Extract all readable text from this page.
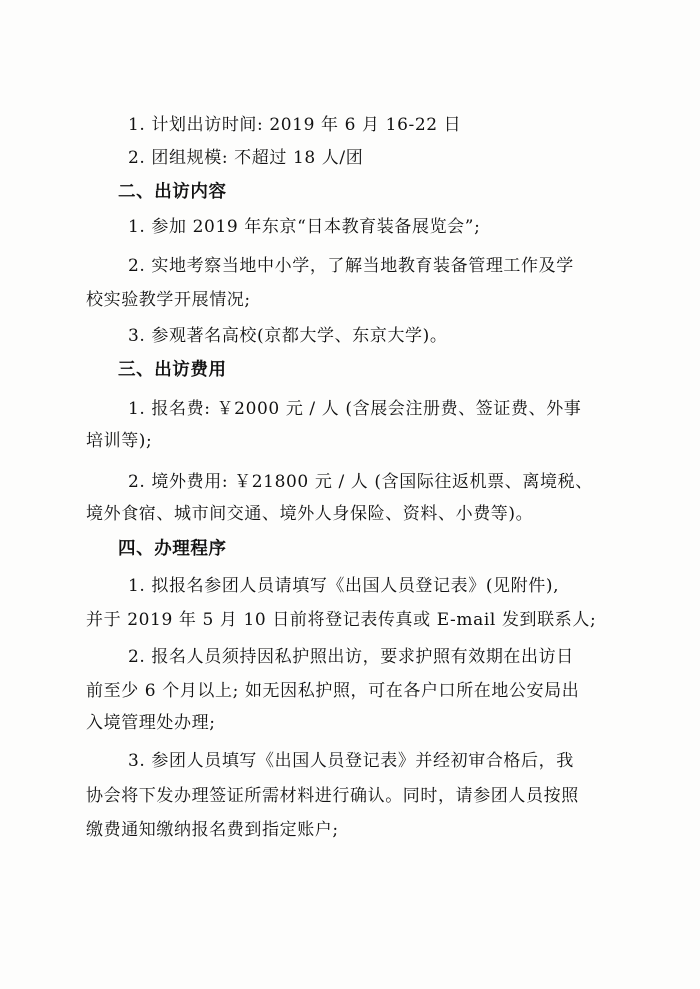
1. 计划出访时间: 2019 年 6 月 16-22 日
2. 团组规模: 不超过 18 人/团
二、出访内容
1. 参加 2019 年东京“日本教育装备展览会”;
2. 实地考察当地中小学，了解当地教育装备管理工作及学
校实验教学开展情况;
3. 参观著名高校(京都大学、东京大学)。
三、出访费用
1. 报名费: ￥2000 元 / 人 (含展会注册费、签证费、外事
培训等);
2. 境外费用: ￥21800 元 / 人 (含国际往返机票、离境税、
境外食宿、城市间交通、境外人身保险、资料、小费等)。
四、办理程序
1. 拟报名参团人员请填写《出国人员登记表》(见附件),
并于 2019 年 5 月 10 日前将登记表传真或 E-mail 发到联系人;
2. 报名人员须持因私护照出访，要求护照有效期在出访日
前至少 6 个月以上; 如无因私护照，可在各户口所在地公安局出
入境管理处办理;
3. 参团人员填写《出国人员登记表》并经初审合格后，我
协会将下发办理签证所需材料进行确认。同时，请参团人员按照
缴费通知缴纳报名费到指定账户;
